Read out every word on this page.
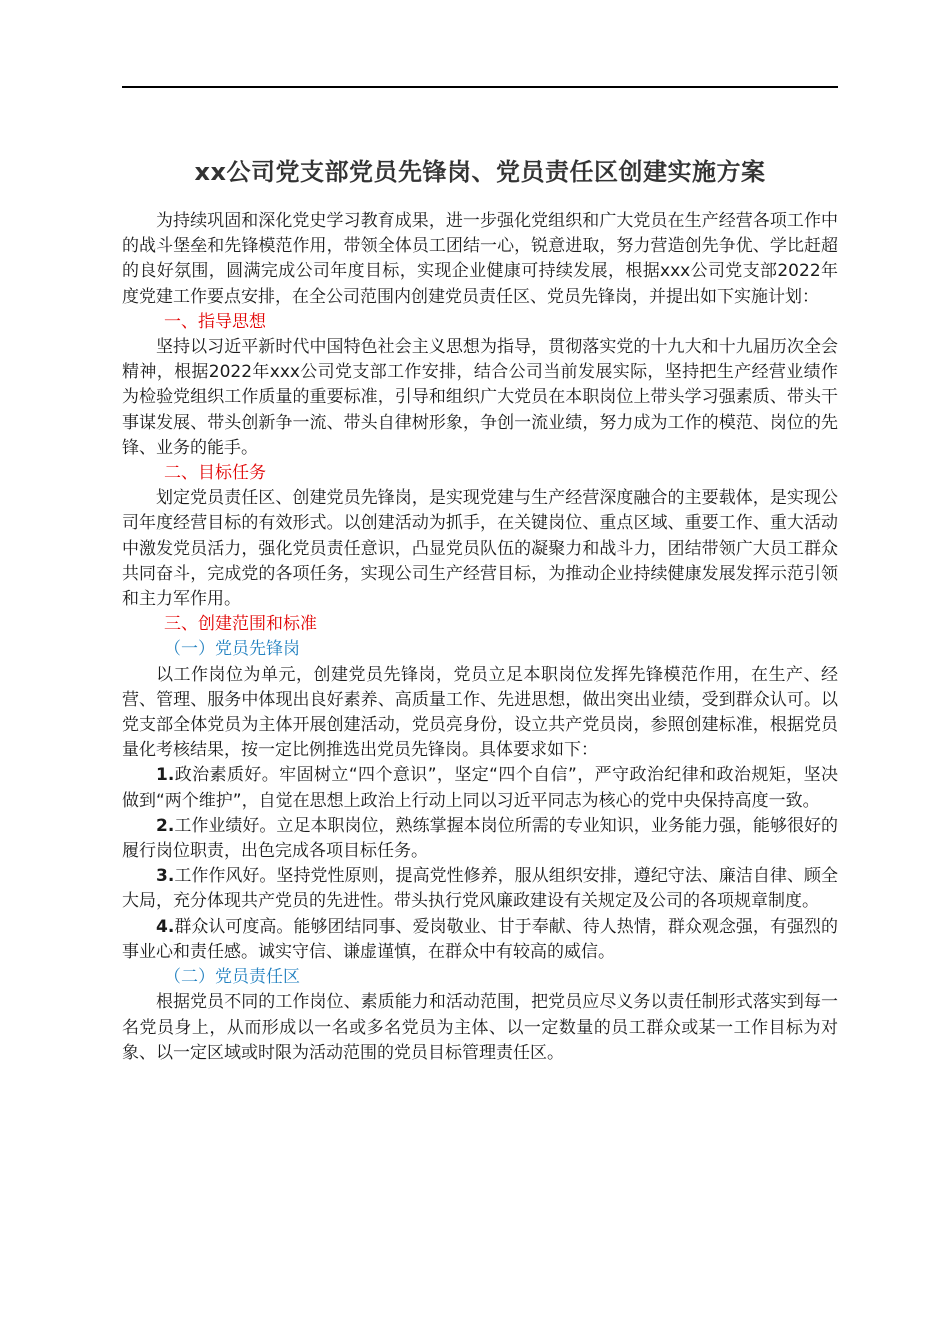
xx公司党支部党员先锋岗、党员责任区创建实施方案

为持续巩固和深化党史学习教育成果，进一步强化党组织和广大党员在生产经营各项工作中的战斗堡垒和先锋模范作用，带领全体员工团结一心，锐意进取，努力营造创先争优、学比赶超的良好氛围，圆满完成公司年度目标，实现企业健康可持续发展，根据xxx公司党支部2022年度党建工作要点安排，在全公司范围内创建党员责任区、党员先锋岗，并提出如下实施计划：

一、指导思想

坚持以习近平新时代中国特色社会主义思想为指导，贯彻落实党的十九大和十九届历次全会精神，根据2022年xxx公司党支部工作安排，结合公司当前发展实际，坚持把生产经营业绩作为检验党组织工作质量的重要标准，引导和组织广大党员在本职岗位上带头学习强素质、带头干事谋发展、带头创新争一流、带头自律树形象，争创一流业绩，努力成为工作的模范、岗位的先锋、业务的能手。

二、目标任务

划定党员责任区、创建党员先锋岗，是实现党建与生产经营深度融合的主要载体，是实现公司年度经营目标的有效形式。以创建活动为抓手，在关键岗位、重点区域、重要工作、重大活动中激发党员活力，强化党员责任意识，凸显党员队伍的凝聚力和战斗力，团结带领广大员工群众共同奋斗，完成党的各项任务，实现公司生产经营目标，为推动企业持续健康发展发挥示范引领和主力军作用。

三、创建范围和标准

（一）党员先锋岗

以工作岗位为单元，创建党员先锋岗，党员立足本职岗位发挥先锋模范作用，在生产、经营、管理、服务中体现出良好素养、高质量工作、先进思想，做出突出业绩，受到群众认可。以党支部全体党员为主体开展创建活动，党员亮身份，设立共产党员岗，参照创建标准，根据党员量化考核结果，按一定比例推选出党员先锋岗。具体要求如下：

1.政治素质好。牢固树立“四个意识”，坚定“四个自信”，严守政治纪律和政治规矩，坚决做到“两个维护”，自觉在思想上政治上行动上同以习近平同志为核心的党中央保持高度一致。

2.工作业绩好。立足本职岗位，熟练掌握本岗位所需的专业知识，业务能力强，能够很好的履行岗位职责，出色完成各项目标任务。

3.工作作风好。坚持党性原则，提高党性修养，服从组织安排，遵纪守法、廉洁自律、顾全大局，充分体现共产党员的先进性。带头执行党风廉政建设有关规定及公司的各项规章制度。

4.群众认可度高。能够团结同事、爱岗敬业、甘于奉献、待人热情，群众观念强，有强烈的事业心和责任感。诚实守信、谦虚谨慎，在群众中有较高的威信。

（二）党员责任区

根据党员不同的工作岗位、素质能力和活动范围，把党员应尽义务以责任制形式落实到每一名党员身上，从而形成以一名或多名党员为主体、以一定数量的员工群众或某一工作目标为对象、以一定区域或时限为活动范围的党员目标管理责任区。
